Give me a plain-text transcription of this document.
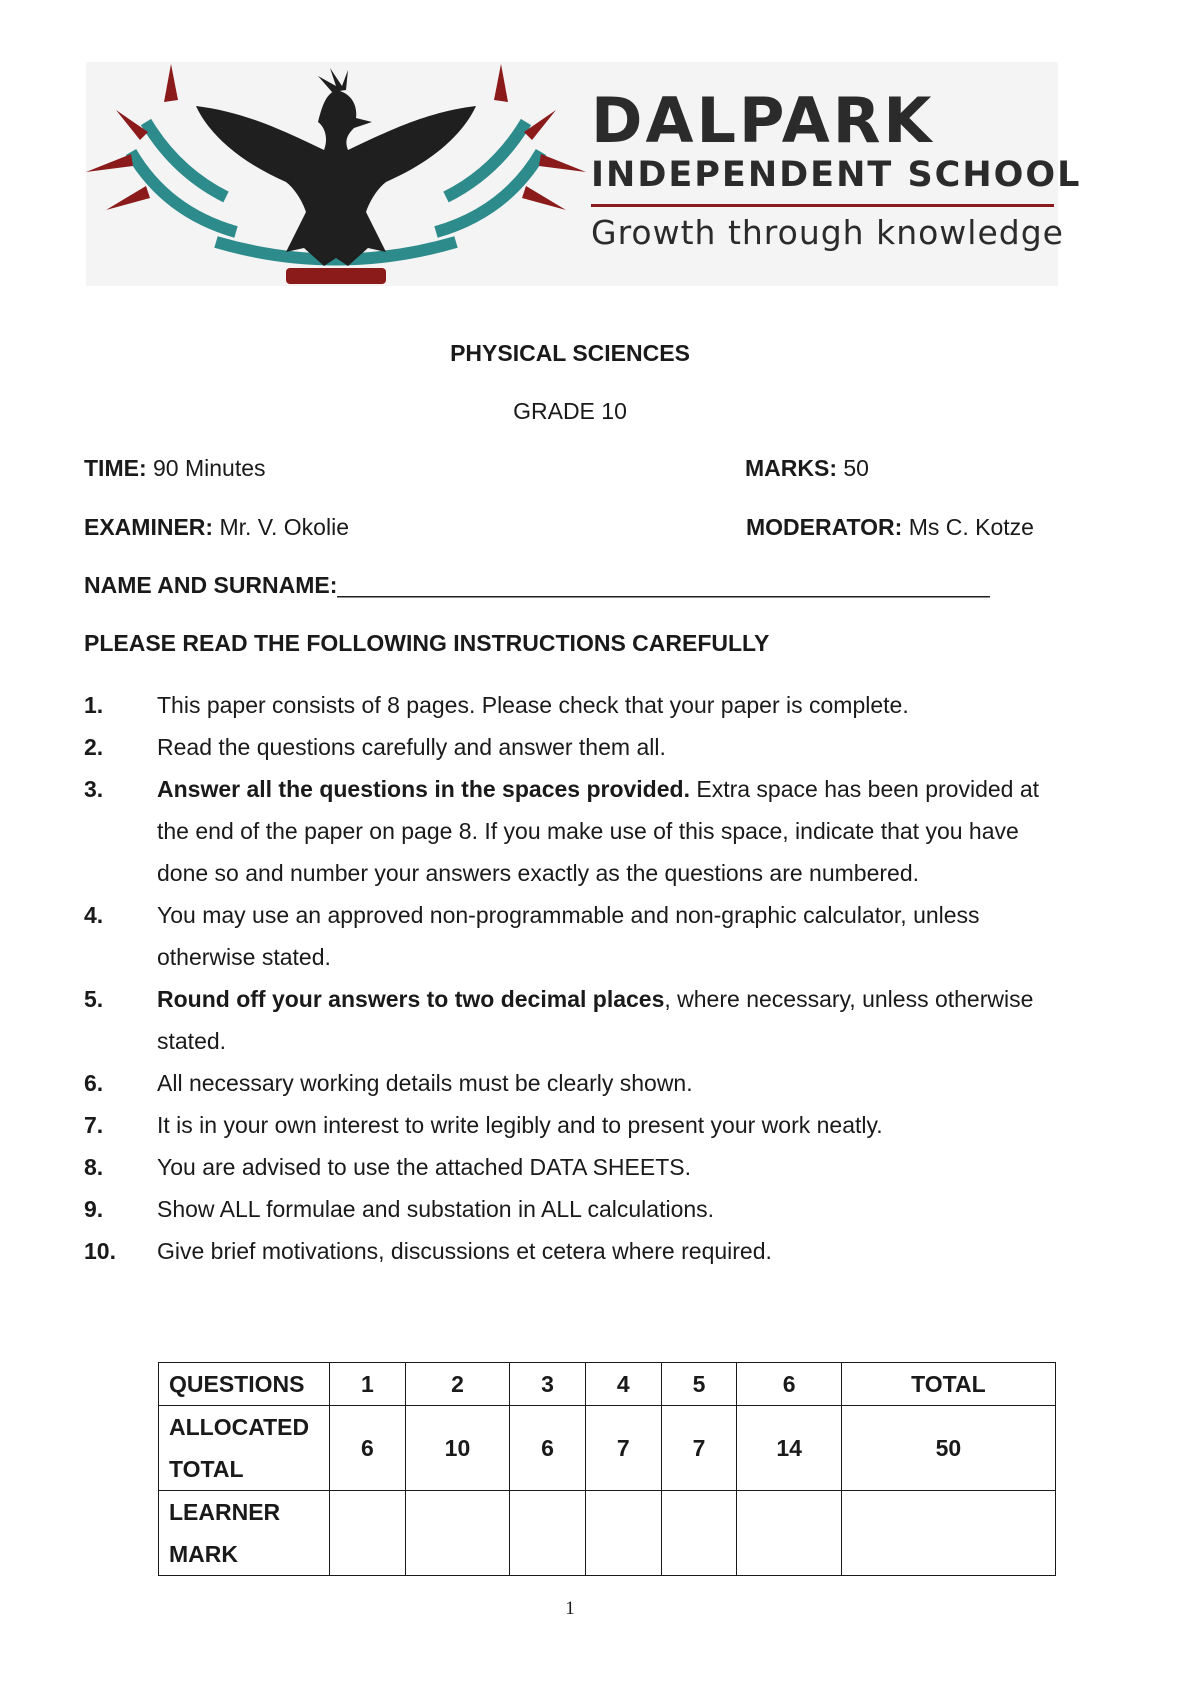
DALPARK
INDEPENDENT SCHOOL
Growth through knowledge
PHYSICAL SCIENCES
GRADE 10
TIME: 90 Minutes	MARKS: 50
EXAMINER: Mr. V. Okolie	MODERATOR: Ms C. Kotze
NAME AND SURNAME:___________________________________________________
PLEASE READ THE FOLLOWING INSTRUCTIONS CAREFULLY
1. This paper consists of 8 pages. Please check that your paper is complete.
2. Read the questions carefully and answer them all.
3. Answer all the questions in the spaces provided. Extra space has been provided at the end of the paper on page 8. If you make use of this space, indicate that you have done so and number your answers exactly as the questions are numbered.
4. You may use an approved non-programmable and non-graphic calculator, unless otherwise stated.
5. Round off your answers to two decimal places, where necessary, unless otherwise stated.
6. All necessary working details must be clearly shown.
7. It is in your own interest to write legibly and to present your work neatly.
8. You are advised to use the attached DATA SHEETS.
9. Show ALL formulae and substation in ALL calculations.
10. Give brief motivations, discussions et cetera where required.
QUESTIONS	1	2	3	4	5	6	TOTAL
ALLOCATED
TOTAL	6	10	6	7	7	14	50
LEARNER
MARK							
1
